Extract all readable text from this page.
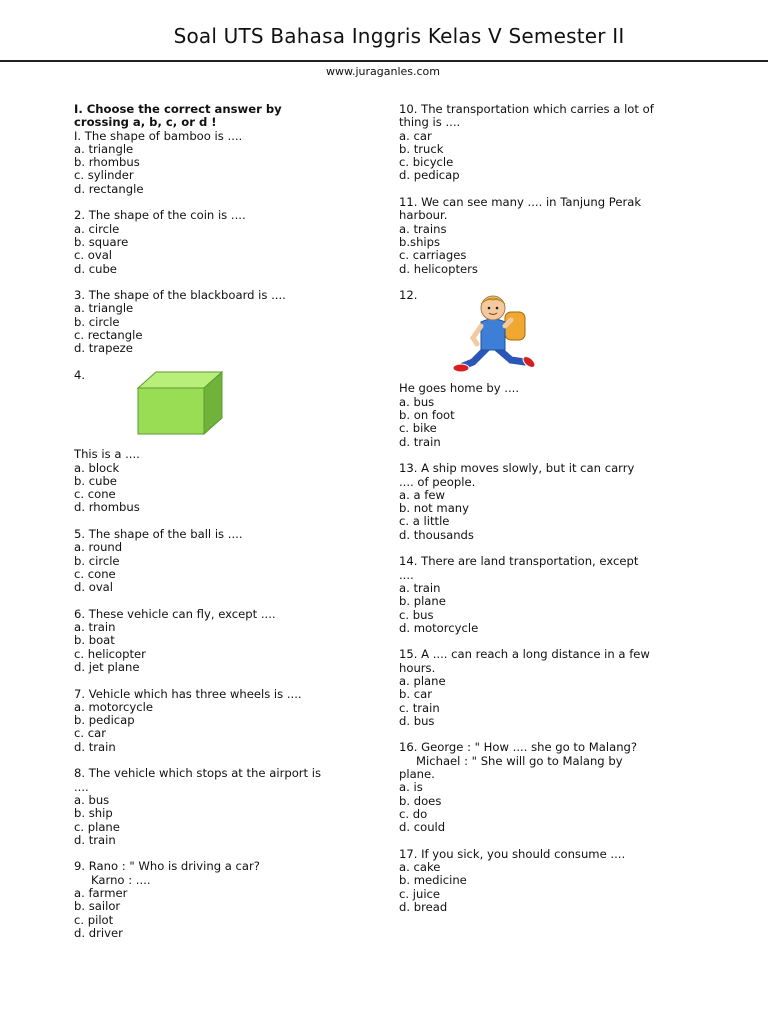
Soal UTS Bahasa Inggris Kelas V Semester II
www.juraganles.com
I. Choose the correct answer by
crossing a, b, c, or d !
I. The shape of bamboo is ....
a. triangle
b. rhombus
c. sylinder
d. rectangle
2. The shape of the coin is ....
a. circle
b. square
c. oval
d. cube
3. The shape of the blackboard is ....
a. triangle
b. circle
c. rectangle
d. trapeze
4.
This is a ....
a. block
b. cube
c. cone
d. rhombus
5. The shape of the ball is ....
a. round
b. circle
c. cone
d. oval
6. These vehicle can fly, except ....
a. train
b. boat
c. helicopter
d. jet plane
7. Vehicle which has three wheels is ....
a. motorcycle
b. pedicap
c. car
d. train
8. The vehicle which stops at the airport is
....
a. bus
b. ship
c. plane
d. train
9. Rano : " Who is driving a car?
Karno : ....
a. farmer
b. sailor
c. pilot
d. driver
10. The transportation which carries a lot of
thing is ....
a. car
b. truck
c. bicycle
d. pedicap
11. We can see many .... in Tanjung Perak
harbour.
a. trains
b.ships
c. carriages
d. helicopters
12.
He goes home by ....
a. bus
b. on foot
c. bike
d. train
13. A ship moves slowly, but it can carry
.... of people.
a. a few
b. not many
c. a little
d. thousands
14. There are land transportation, except
....
a. train
b. plane
c. bus
d. motorcycle
15. A .... can reach a long distance in a few
hours.
a. plane
b. car
c. train
d. bus
16. George : " How .... she go to Malang?
Michael : " She will go to Malang by
plane.
a. is
b. does
c. do
d. could
17. If you sick, you should consume ....
a. cake
b. medicine
c. juice
d. bread
